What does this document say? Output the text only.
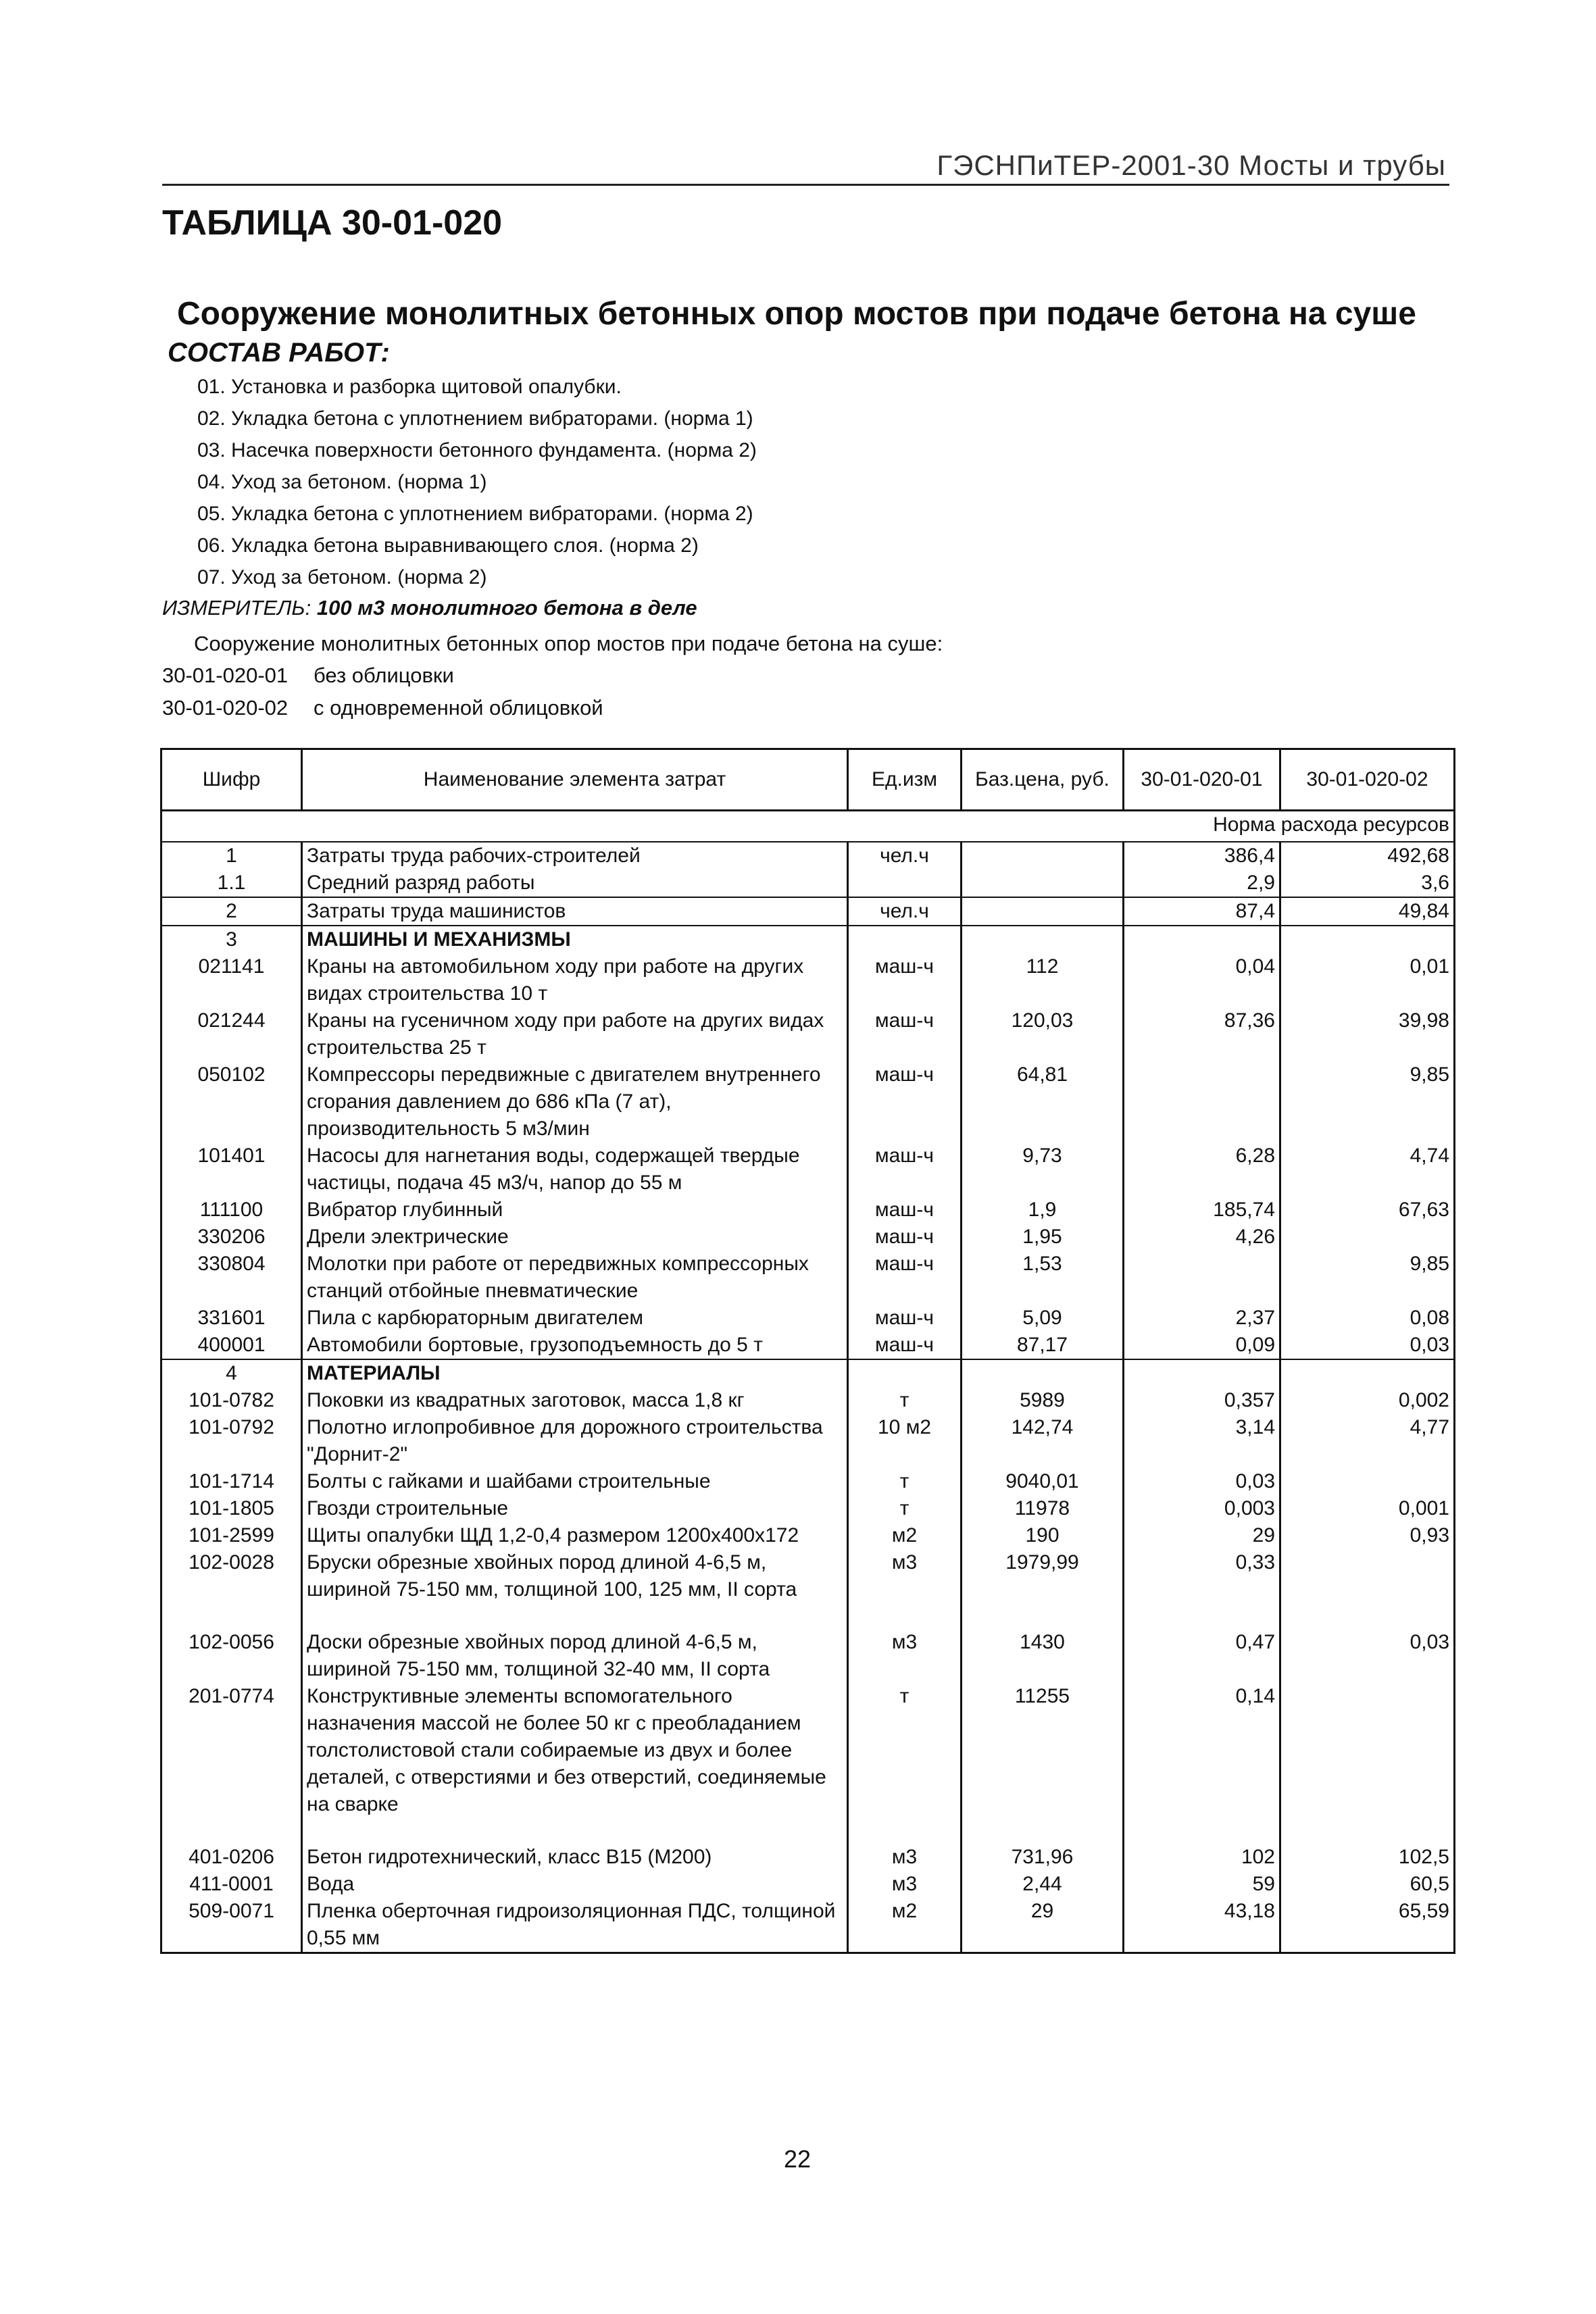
ГЭСНПиТЕР-2001-30 Мосты и трубы
ТАБЛИЦА 30-01-020
Сооружение монолитных бетонных опор мостов при подаче бетона на суше
СОСТАВ РАБОТ:
01. Установка и разборка щитовой опалубки.
02. Укладка бетона с уплотнением вибраторами. (норма 1)
03. Насечка поверхности бетонного фундамента. (норма 2)
04. Уход за бетоном. (норма 1)
05. Укладка бетона с уплотнением вибраторами. (норма 2)
06. Укладка бетона выравнивающего слоя. (норма 2)
07. Уход за бетоном. (норма 2)
ИЗМЕРИТЕЛЬ: 100 м3 монолитного бетона в деле
Сооружение монолитных бетонных опор мостов при подаче бетона на суше:
30-01-020-01 без облицовки
30-01-020-02 с одновременной облицовкой
Шифр	Наименование элемента затрат	Ед.изм	Баз.цена, руб.	30-01-020-01	30-01-020-02
				Норма расхода ресурсов	
1	Затраты труда рабочих-строителей	чел.ч		386,4	492,68
1.1	Средний разряд работы			2,9	3,6
2	Затраты труда машинистов	чел.ч		87,4	49,84
3	МАШИНЫ И МЕХАНИЗМЫ				
021141	Краны на автомобильном ходу при работе на других видах строительства 10 т	маш-ч	112	0,04	0,01
021244	Краны на гусеничном ходу при работе на других видах строительства 25 т	маш-ч	120,03	87,36	39,98
050102	Компрессоры передвижные с двигателем внутреннего сгорания давлением до 686 кПа (7 ат), производительность 5 м3/мин	маш-ч	64,81		9,85
101401	Насосы для нагнетания воды, содержащей твердые частицы, подача 45 м3/ч, напор до 55 м	маш-ч	9,73	6,28	4,74
111100	Вибратор глубинный	маш-ч	1,9	185,74	67,63
330206	Дрели электрические	маш-ч	1,95	4,26	
330804	Молотки при работе от передвижных компрессорных станций отбойные пневматические	маш-ч	1,53		9,85
331601	Пила с карбюраторным двигателем	маш-ч	5,09	2,37	0,08
400001	Автомобили бортовые, грузоподъемность до 5 т	маш-ч	87,17	0,09	0,03
4	МАТЕРИАЛЫ				
101-0782	Поковки из квадратных заготовок, масса 1,8 кг	т	5989	0,357	0,002
101-0792	Полотно иглопробивное для дорожного строительства "Дорнит-2"	10 м2	142,74	3,14	4,77
101-1714	Болты с гайками и шайбами строительные	т	9040,01	0,03	
101-1805	Гвозди строительные	т	11978	0,003	0,001
101-2599	Щиты опалубки ЩД 1,2-0,4 размером 1200х400х172	м2	190	29	0,93
102-0028	Бруски обрезные хвойных пород длиной 4-6,5 м, шириной 75-150 мм, толщиной 100, 125 мм, II сорта	м3	1979,99	0,33	
102-0056	Доски обрезные хвойных пород длиной 4-6,5 м, шириной 75-150 мм, толщиной 32-40 мм, II сорта	м3	1430	0,47	0,03
201-0774	Конструктивные элементы вспомогательного назначения массой не более 50 кг с преобладанием толстолистовой стали собираемые из двух и более деталей, с отверстиями и без отверстий, соединяемые на сварке	т	11255	0,14	
401-0206	Бетон гидротехнический, класс В15 (М200)	м3	731,96	102	102,5
411-0001	Вода	м3	2,44	59	60,5
509-0071	Пленка оберточная гидроизоляционная ПДС, толщиной 0,55 мм	м2	29	43,18	65,59
22
